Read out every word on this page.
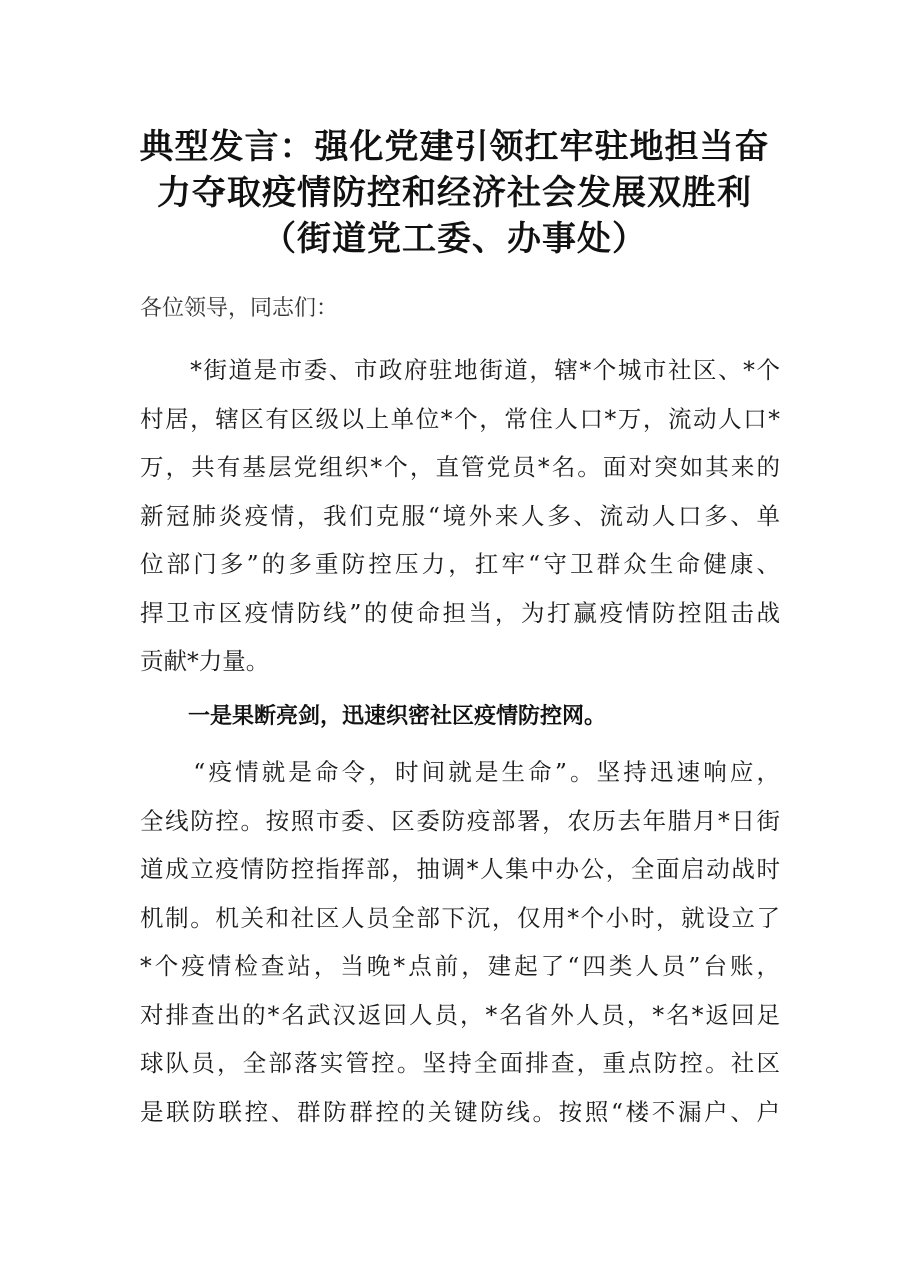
典型发言：强化党建引领扛牢驻地担当奋
力夺取疫情防控和经济社会发展双胜利
（街道党工委、办事处）
各位领导，同志们：
　　*街道是市委、市政府驻地街道，辖*个城市社区、*个
村居，辖区有区级以上单位*个，常住人口*万，流动人口*
万，共有基层党组织*个，直管党员*名。面对突如其来的
新冠肺炎疫情，我们克服“境外来人多、流动人口多、单
位部门多”的多重防控压力，扛牢“守卫群众生命健康、
捍卫市区疫情防线”的使命担当，为打赢疫情防控阻击战
贡献*力量。
一是果断亮剑，迅速织密社区疫情防控网。
　　“疫情就是命令，时间就是生命”。坚持迅速响应，
全线防控。按照市委、区委防疫部署，农历去年腊月*日街
道成立疫情防控指挥部，抽调*人集中办公，全面启动战时
机制。机关和社区人员全部下沉，仅用*个小时，就设立了
*个疫情检查站，当晚*点前，建起了“四类人员”台账，
对排查出的*名武汉返回人员，*名省外人员，*名*返回足
球队员，全部落实管控。坚持全面排查，重点防控。社区
是联防联控、群防群控的关键防线。按照“楼不漏户、户
